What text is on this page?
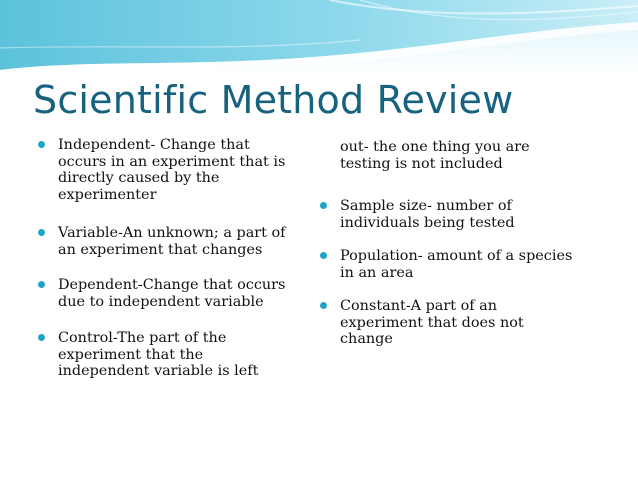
Scientific Method Review
Independent- Change that
occurs in an experiment that is
directly caused by the
experimenter
Variable-An unknown; a part of
an experiment that changes
Dependent-Change that occurs
due to independent variable
Control-The part of the
experiment that the
independent variable is left
out- the one thing you are
testing is not included
Sample size- number of
individuals being tested
Population- amount of a species
in an area
Constant-A part of an
experiment that does not
change
